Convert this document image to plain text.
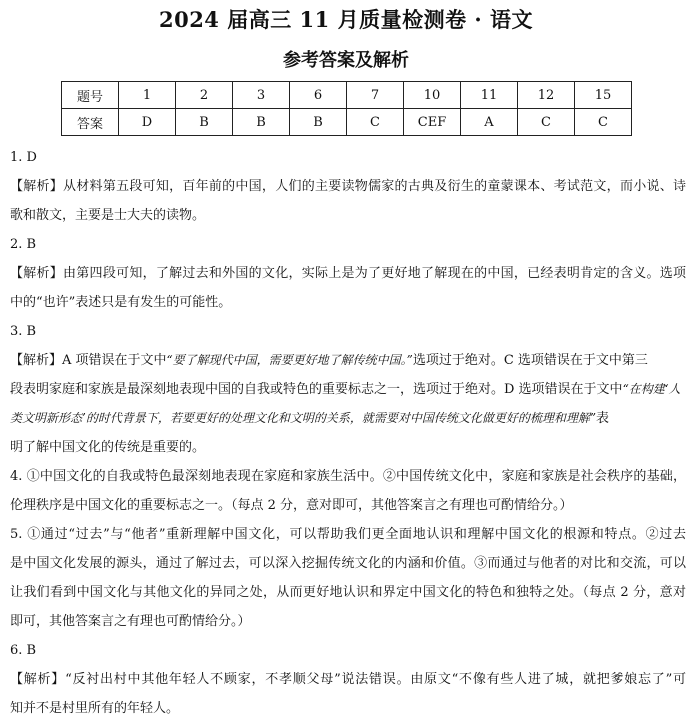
2024 届高三 11 月质量检测卷 · 语文
参考答案及解析
题号	1	2	3	6	7	10	11	12	15
答案	D	B	B	B	C	CEF	A	C	C
1. D
【解析】从材料第五段可知，百年前的中国，人们的主要读物儒家的古典及衍生的童蒙课本、考试范文，而小说、诗
歌和散文，主要是士大夫的读物。
2. B
【解析】由第四段可知，了解过去和外国的文化，实际上是为了更好地了解现在的中国，已经表明肯定的含义。选项
中的“也许”表述只是有发生的可能性。
3. B
【解析】A 项错误在于文中“要了解现代中国，需要更好地了解传统中国。”选项过于绝对。C 选项错误在于文中第三
段表明家庭和家族是最深刻地表现中国的自我或特色的重要标志之一，选项过于绝对。D 选项错误在于文中“在构建‘人
类文明新形态’的时代背景下，若要更好的处理文化和文明的关系，就需要对中国传统文化做更好的梳理和理解”表
明了解中国文化的传统是重要的。
4. ①中国文化的自我或特色最深刻地表现在家庭和家族生活中。②中国传统文化中，家庭和家族是社会秩序的基础，
伦理秩序是中国文化的重要标志之一。（每点 2 分，意对即可，其他答案言之有理也可酌情给分。）
5. ①通过“过去”与“他者”重新理解中国文化，可以帮助我们更全面地认识和理解中国文化的根源和特点。②过去
是中国文化发展的源头，通过了解过去，可以深入挖掘传统文化的内涵和价值。③而通过与他者的对比和交流，可以
让我们看到中国文化与其他文化的异同之处，从而更好地认识和界定中国文化的特色和独特之处。（每点 2 分，意对
即可，其他答案言之有理也可酌情给分。）
6. B
【解析】“反衬出村中其他年轻人不顾家，不孝顺父母”说法错误。由原文“不像有些人进了城，就把爹娘忘了”可
知并不是村里所有的年轻人。
